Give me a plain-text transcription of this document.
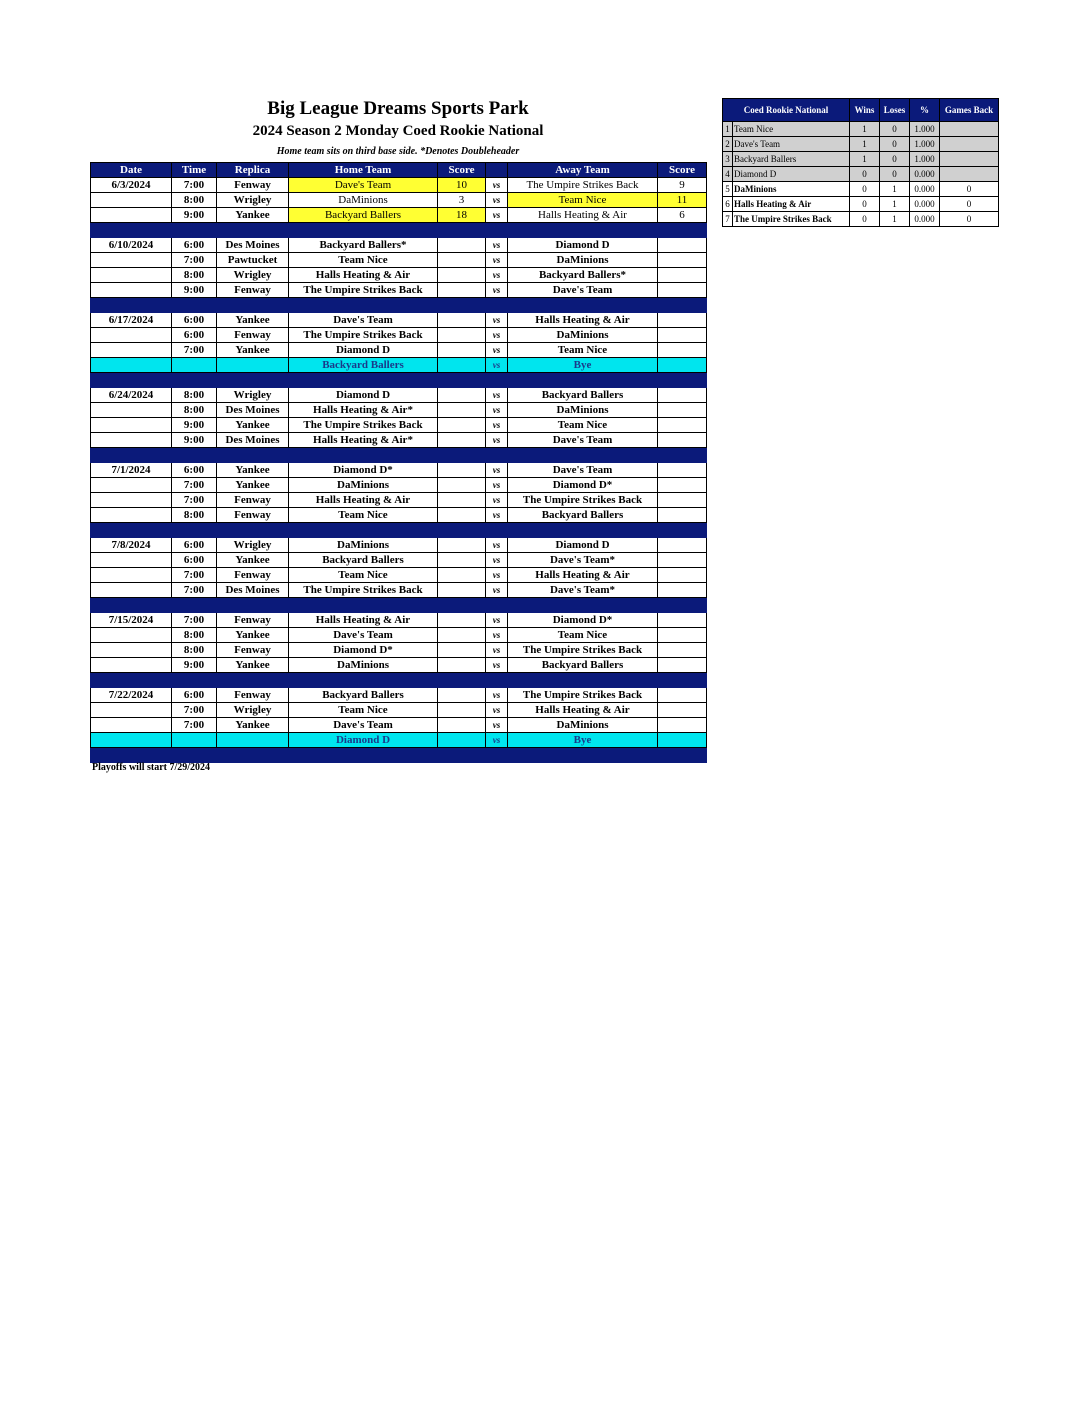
Big League Dreams Sports Park
2024 Season 2 Monday Coed Rookie National
Home team sits on third base side. *Denotes Doubleheader
Date	Time	Replica	Home Team	Score		Away Team	Score
6/3/2024	7:00	Fenway	Dave's Team	10	vs	The Umpire Strikes Back	9
	8:00	Wrigley	DaMinions	3	vs	Team Nice	11
	9:00	Yankee	Backyard Ballers	18	vs	Halls Heating & Air	6

6/10/2024	6:00	Des Moines	Backyard Ballers*		vs	Diamond D	
	7:00	Pawtucket	Team Nice		vs	DaMinions	
	8:00	Wrigley	Halls Heating & Air		vs	Backyard Ballers*	
	9:00	Fenway	The Umpire Strikes Back		vs	Dave's Team	

6/17/2024	6:00	Yankee	Dave's Team		vs	Halls Heating & Air	
	6:00	Fenway	The Umpire Strikes Back		vs	DaMinions	
	7:00	Yankee	Diamond D		vs	Team Nice	
			Backyard Ballers		vs	Bye	

6/24/2024	8:00	Wrigley	Diamond D		vs	Backyard Ballers	
	8:00	Des Moines	Halls Heating & Air*		vs	DaMinions	
	9:00	Yankee	The Umpire Strikes Back		vs	Team Nice	
	9:00	Des Moines	Halls Heating & Air*		vs	Dave's Team	

7/1/2024	6:00	Yankee	Diamond D*		vs	Dave's Team	
	7:00	Yankee	DaMinions		vs	Diamond D*	
	7:00	Fenway	Halls Heating & Air		vs	The Umpire Strikes Back	
	8:00	Fenway	Team Nice		vs	Backyard Ballers	

7/8/2024	6:00	Wrigley	DaMinions		vs	Diamond D	
	6:00	Yankee	Backyard Ballers		vs	Dave's Team*	
	7:00	Fenway	Team Nice		vs	Halls Heating & Air	
	7:00	Des Moines	The Umpire Strikes Back		vs	Dave's Team*	

7/15/2024	7:00	Fenway	Halls Heating & Air		vs	Diamond D*	
	8:00	Yankee	Dave's Team		vs	Team Nice	
	8:00	Fenway	Diamond D*		vs	The Umpire Strikes Back	
	9:00	Yankee	DaMinions		vs	Backyard Ballers	

7/22/2024	6:00	Fenway	Backyard Ballers		vs	The Umpire Strikes Back	
	7:00	Wrigley	Team Nice		vs	Halls Heating & Air	
	7:00	Yankee	Dave's Team		vs	DaMinions	
			Diamond D		vs	Bye	

Playoffs will start 7/29/2024
Coed Rookie National		Wins	Loses	%	Games Back
1	Team Nice	1	0	1.000	
2	Dave's Team	1	0	1.000	
3	Backyard Ballers	1	0	1.000	
4	Diamond D	0	0	0.000	
5	DaMinions	0	1	0.000	0
6	Halls Heating & Air	0	1	0.000	0
7	The Umpire Strikes Back	0	1	0.000	0
